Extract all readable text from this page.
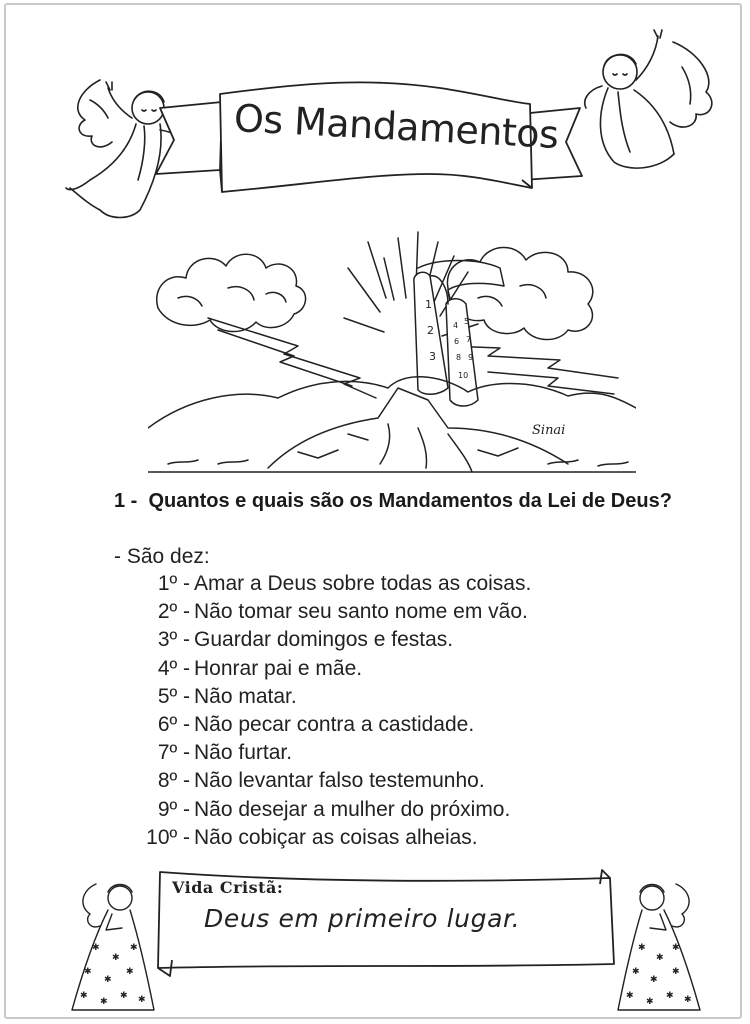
Os Mandamentos
1
2
3
4 5
6 7
8 9
10
Sinai
1 - Quantos e quais são os Mandamentos da Lei de Deus?
- São dez:
1º - Amar a Deus sobre todas as coisas.
2º - Não tomar seu santo nome em vão.
3º - Guardar domingos e festas.
4º - Honrar pai e mãe.
5º - Não matar.
6º - Não pecar contra a castidade.
7º - Não furtar.
8º - Não levantar falso testemunho.
9º - Não desejar a mulher do próximo.
10º - Não cobiçar as coisas alheias.
✱
✱
✱
✱
✱
✱
✱
✱
✱ ✱
✱
✱
✱
✱
✱
✱
✱
✱
✱ ✱
Vida Cristã:
Deus em primeiro lugar.
